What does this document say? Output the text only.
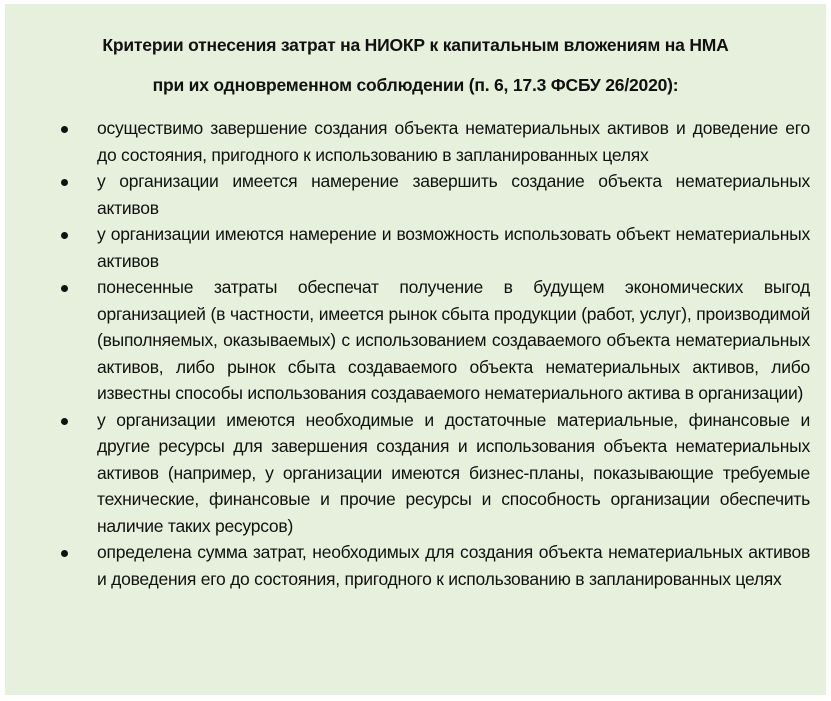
Критерии отнесения затрат на НИОКР к капитальным вложениям на НМА
при их одновременном соблюдении (п. 6, 17.3 ФСБУ 26/2020):
осуществимо завершение создания объекта нематериальных активов и доведение его до состояния, пригодного к использованию в запланированных целях
у организации имеется намерение завершить создание объекта нематериальных активов
у организации имеются намерение и возможность использовать объект нематериальных активов
понесенные затраты обеспечат получение в будущем экономических выгод организацией (в частности, имеется рынок сбыта продукции (работ, услуг), производимой (выполняемых, оказываемых) с использованием создаваемого объекта нематериальных активов, либо рынок сбыта создаваемого объекта нематериальных активов, либо известны способы использования создаваемого нематериального актива в организации)
у организации имеются необходимые и достаточные материальные, финансовые и другие ресурсы для завершения создания и использования объекта нематериальных активов (например, у организации имеются бизнес-планы, показывающие требуемые технические, финансовые и прочие ресурсы и способность организации обеспечить наличие таких ресурсов)
определена сумма затрат, необходимых для создания объекта нематериальных активов и доведения его до состояния, пригодного к использованию в запланированных целях
